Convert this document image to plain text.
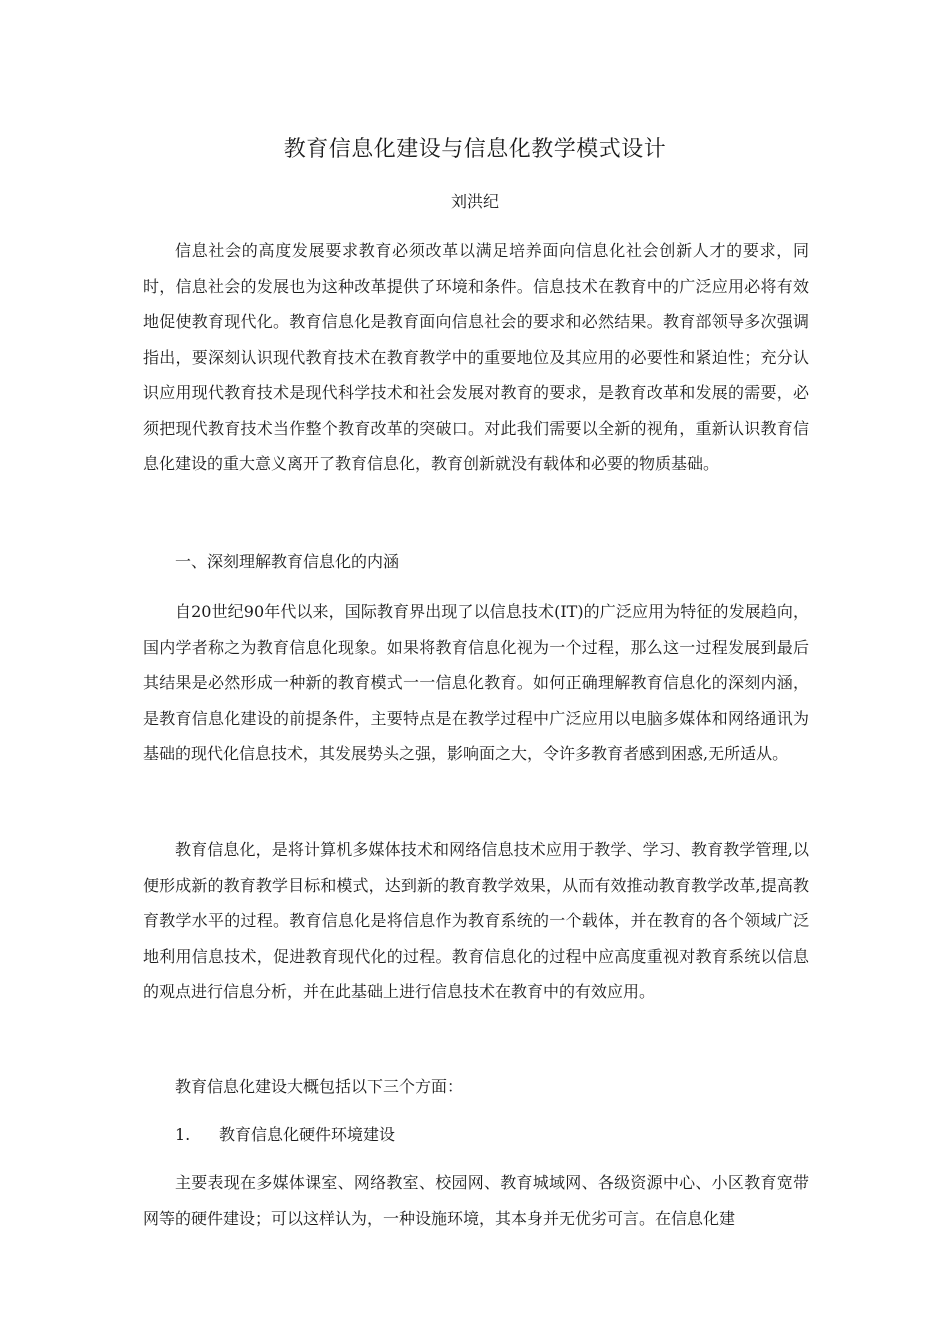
教育信息化建设与信息化教学模式设计
刘洪纪

信息社会的高度发展要求教育必须改革以满足培养面向信息化社会创新人才的要求，同时，信息社会的发展也为这种改革提供了环境和条件。信息技术在教育中的广泛应用必将有效地促使教育现代化。教育信息化是教育面向信息社会的要求和必然结果。教育部领导多次强调指出，要深刻认识现代教育技术在教育教学中的重要地位及其应用的必要性和紧迫性；充分认识应用现代教育技术是现代科学技术和社会发展对教育的要求，是教育改革和发展的需要，必须把现代教育技术当作整个教育改革的突破口。对此我们需要以全新的视角，重新认识教育信息化建设的重大意义离开了教育信息化，教育创新就没有载体和必要的物质基础。

一、深刻理解教育信息化的内涵

自20世纪90年代以来，国际教育界出现了以信息技术(IT)的广泛应用为特征的发展趋向，国内学者称之为教育信息化现象。如果将教育信息化视为一个过程，那么这一过程发展到最后其结果是必然形成一种新的教育模式一一信息化教育。如何正确理解教育信息化的深刻内涵，是教育信息化建设的前提条件，主要特点是在教学过程中广泛应用以电脑多媒体和网络通讯为基础的现代化信息技术，其发展势头之强，影响面之大，令许多教育者感到困惑,无所适从。

教育信息化，是将计算机多媒体技术和网络信息技术应用于教学、学习、教育教学管理,以便形成新的教育教学目标和模式，达到新的教育教学效果，从而有效推动教育教学改革,提高教育教学水平的过程。教育信息化是将信息作为教育系统的一个载体，并在教育的各个领域广泛地利用信息技术，促进教育现代化的过程。教育信息化的过程中应高度重视对教育系统以信息的观点进行信息分析，并在此基础上进行信息技术在教育中的有效应用。

教育信息化建设大概包括以下三个方面：

1. 教育信息化硬件环境建设

主要表现在多媒体课室、网络教室、校园网、教育城域网、各级资源中心、小区教育宽带网等的硬件建设；可以这样认为，一种设施环境，其本身并无优劣可言。在信息化建
